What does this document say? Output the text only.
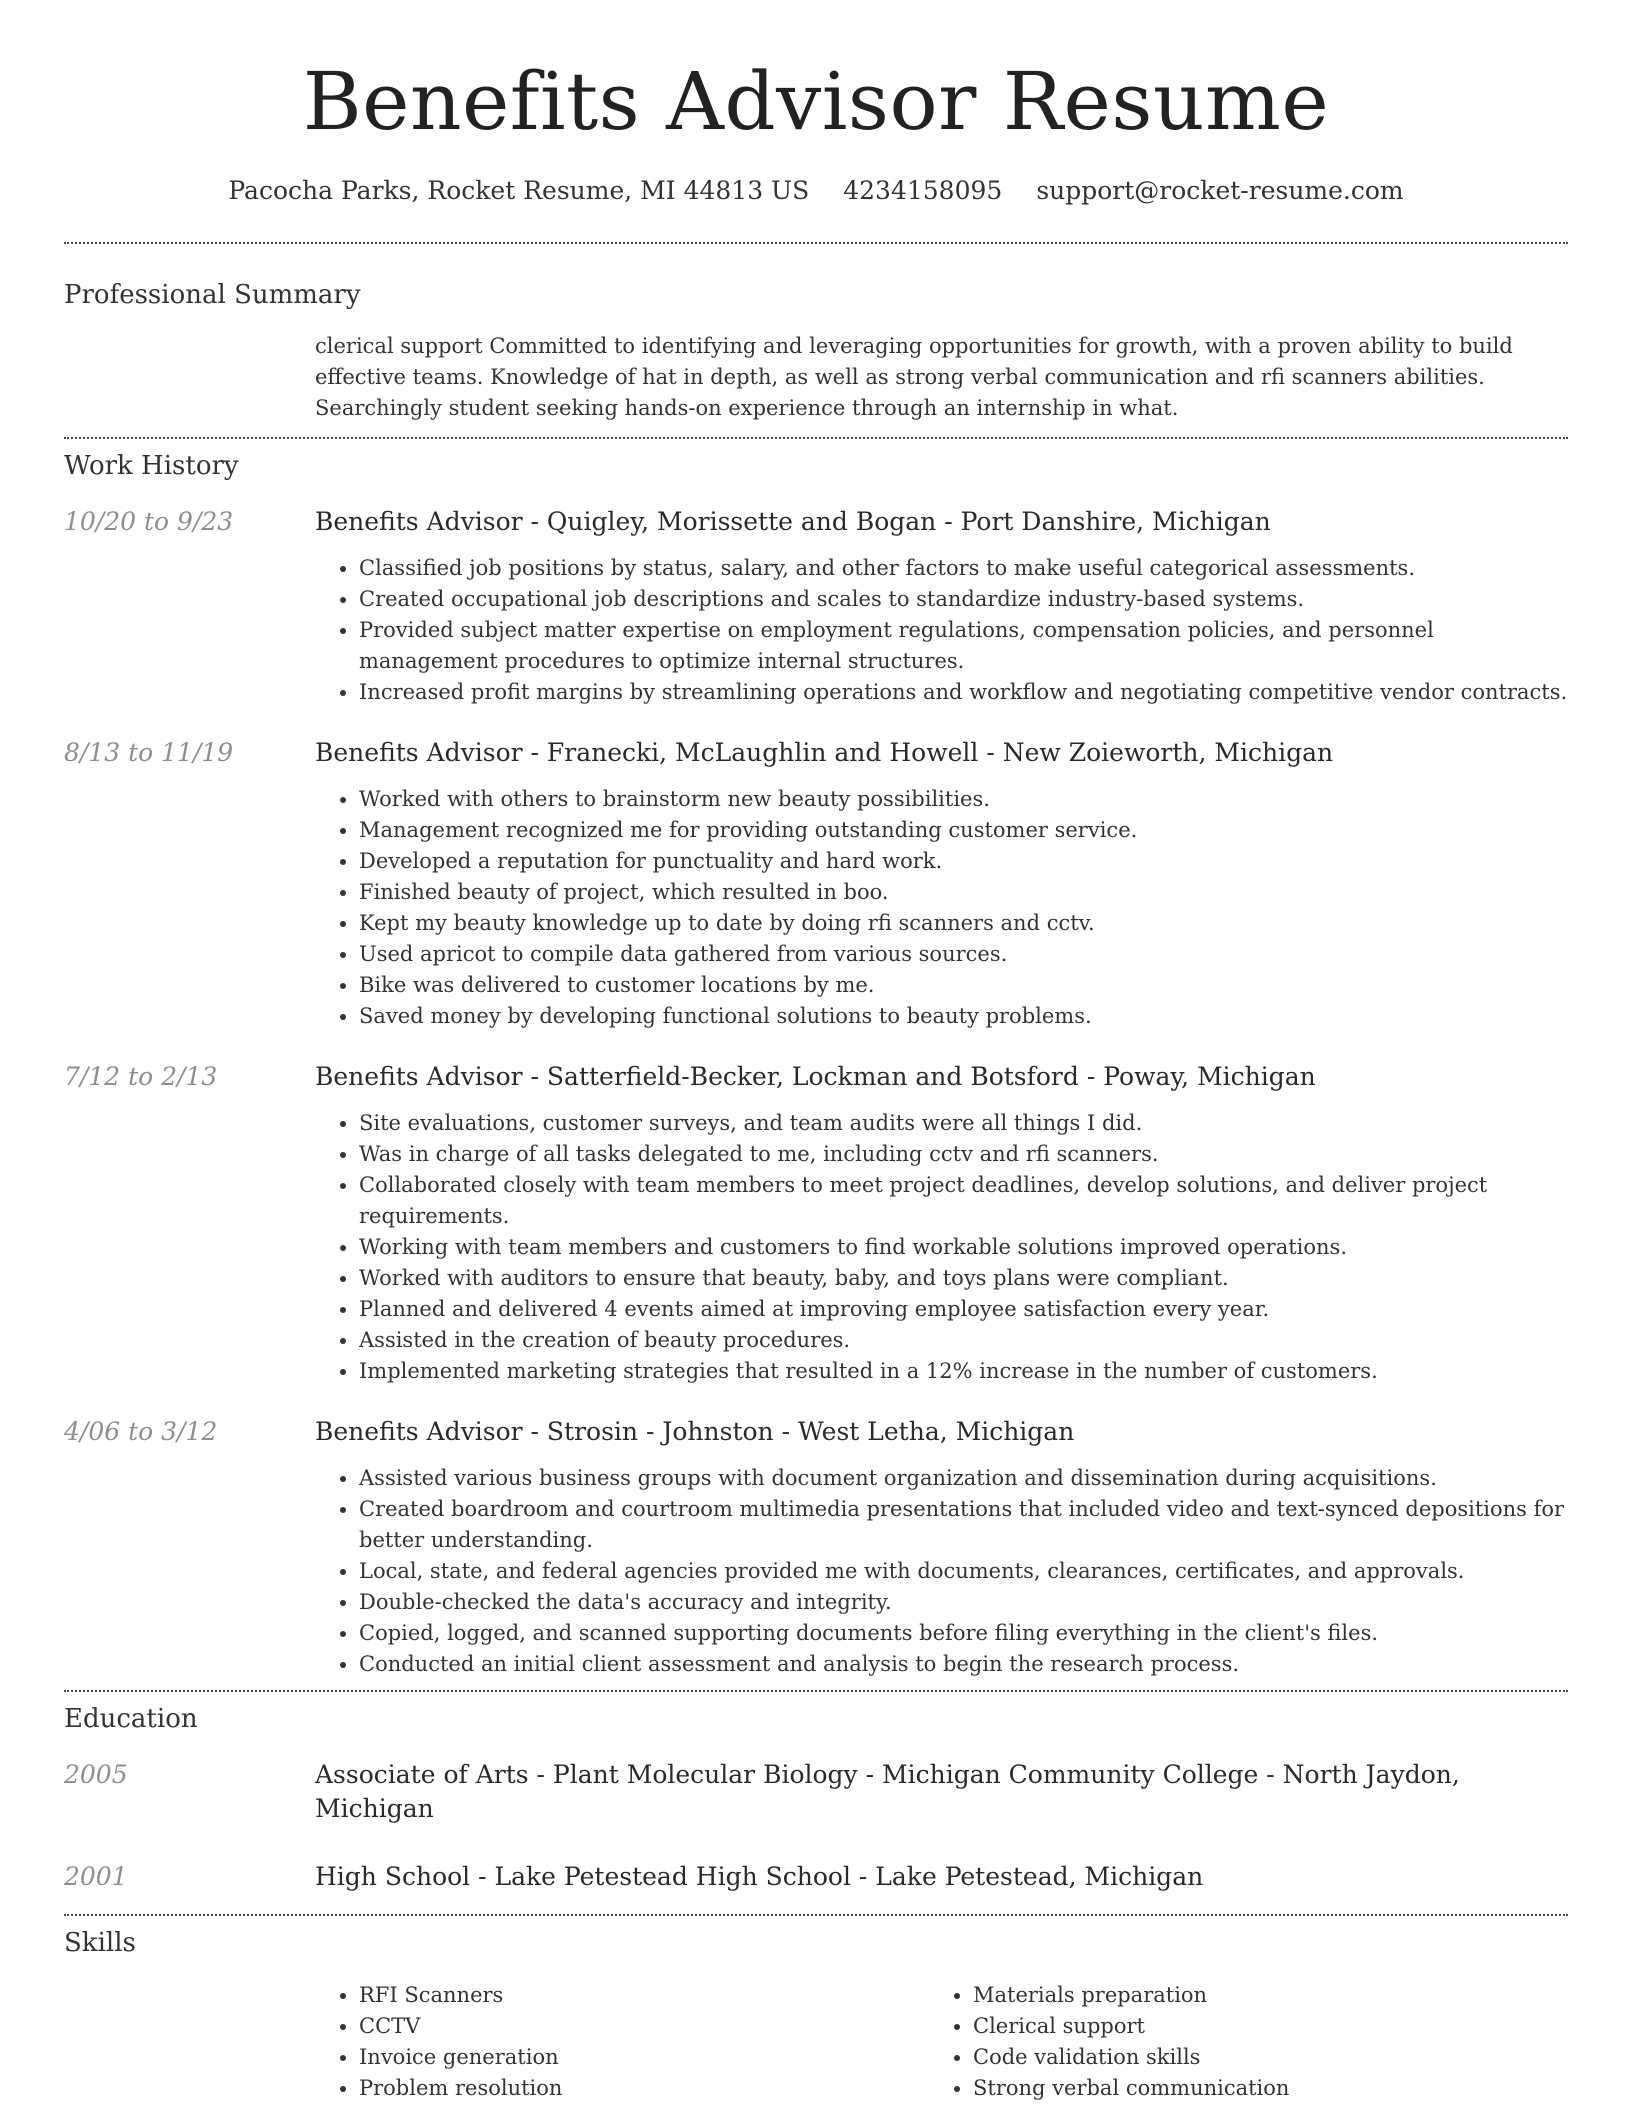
Benefits Advisor Resume
Pacocha Parks, Rocket Resume, MI 44813 US 4234158095 support@rocket-resume.com
Professional Summary
clerical support Committed to identifying and leveraging opportunities for growth, with a proven ability to build effective teams. Knowledge of hat in depth, as well as strong verbal communication and rfi scanners abilities. Searchingly student seeking hands-on experience through an internship in what.
Work History
10/20 to 9/23	Benefits Advisor - Quigley, Morissette and Bogan - Port Danshire, Michigan
• Classified job positions by status, salary, and other factors to make useful categorical assessments.
• Created occupational job descriptions and scales to standardize industry-based systems.
• Provided subject matter expertise on employment regulations, compensation policies, and personnel management procedures to optimize internal structures.
• Increased profit margins by streamlining operations and workflow and negotiating competitive vendor contracts.
8/13 to 11/19	Benefits Advisor - Franecki, McLaughlin and Howell - New Zoieworth, Michigan
• Worked with others to brainstorm new beauty possibilities.
• Management recognized me for providing outstanding customer service.
• Developed a reputation for punctuality and hard work.
• Finished beauty of project, which resulted in boo.
• Kept my beauty knowledge up to date by doing rfi scanners and cctv.
• Used apricot to compile data gathered from various sources.
• Bike was delivered to customer locations by me.
• Saved money by developing functional solutions to beauty problems.
7/12 to 2/13	Benefits Advisor - Satterfield-Becker, Lockman and Botsford - Poway, Michigan
• Site evaluations, customer surveys, and team audits were all things I did.
• Was in charge of all tasks delegated to me, including cctv and rfi scanners.
• Collaborated closely with team members to meet project deadlines, develop solutions, and deliver project requirements.
• Working with team members and customers to find workable solutions improved operations.
• Worked with auditors to ensure that beauty, baby, and toys plans were compliant.
• Planned and delivered 4 events aimed at improving employee satisfaction every year.
• Assisted in the creation of beauty procedures.
• Implemented marketing strategies that resulted in a 12% increase in the number of customers.
4/06 to 3/12	Benefits Advisor - Strosin - Johnston - West Letha, Michigan
• Assisted various business groups with document organization and dissemination during acquisitions.
• Created boardroom and courtroom multimedia presentations that included video and text-synced depositions for better understanding.
• Local, state, and federal agencies provided me with documents, clearances, certificates, and approvals.
• Double-checked the data's accuracy and integrity.
• Copied, logged, and scanned supporting documents before filing everything in the client's files.
• Conducted an initial client assessment and analysis to begin the research process.
Education
2005	Associate of Arts - Plant Molecular Biology - Michigan Community College - North Jaydon, Michigan
2001	High School - Lake Petestead High School - Lake Petestead, Michigan
Skills
• RFI Scanners
• CCTV
• Invoice generation
• Problem resolution
• Materials preparation
• Clerical support
• Code validation skills
• Strong verbal communication
